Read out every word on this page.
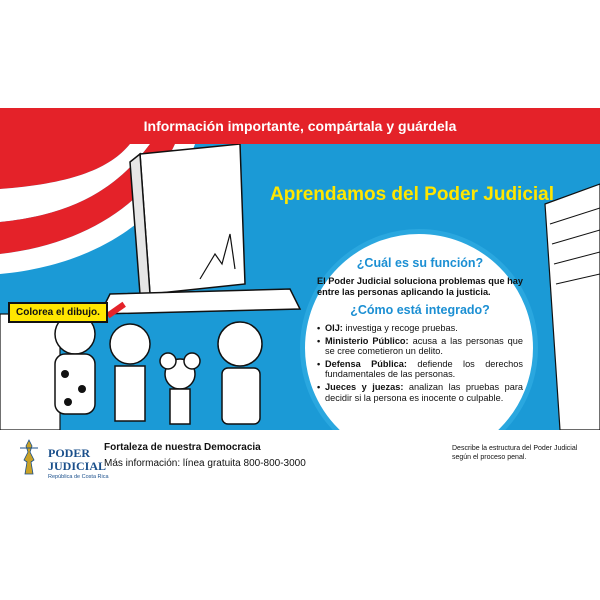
Información importante, compártala y guárdela
Aprendamos del Poder Judicial
¿Cuál es su función?
El Poder Judicial soluciona problemas que hay entre las personas aplicando la justicia.
¿Cómo está integrado?
• OIJ: investiga y recoge pruebas.
• Ministerio Público: acusa a las personas que se cree cometieron un delito.
• Defensa Pública: defiende los derechos fundamentales de las personas.
• Jueces y juezas: analizan las pruebas para decidir si la persona es inocente o culpable.
Colorea el dibujo.
PODER
JUDICIAL
República de Costa Rica
Fortaleza de nuestra Democracia
Más información: línea gratuita 800-800-3000
Describe la estructura del Poder Judicial según el proceso penal.
